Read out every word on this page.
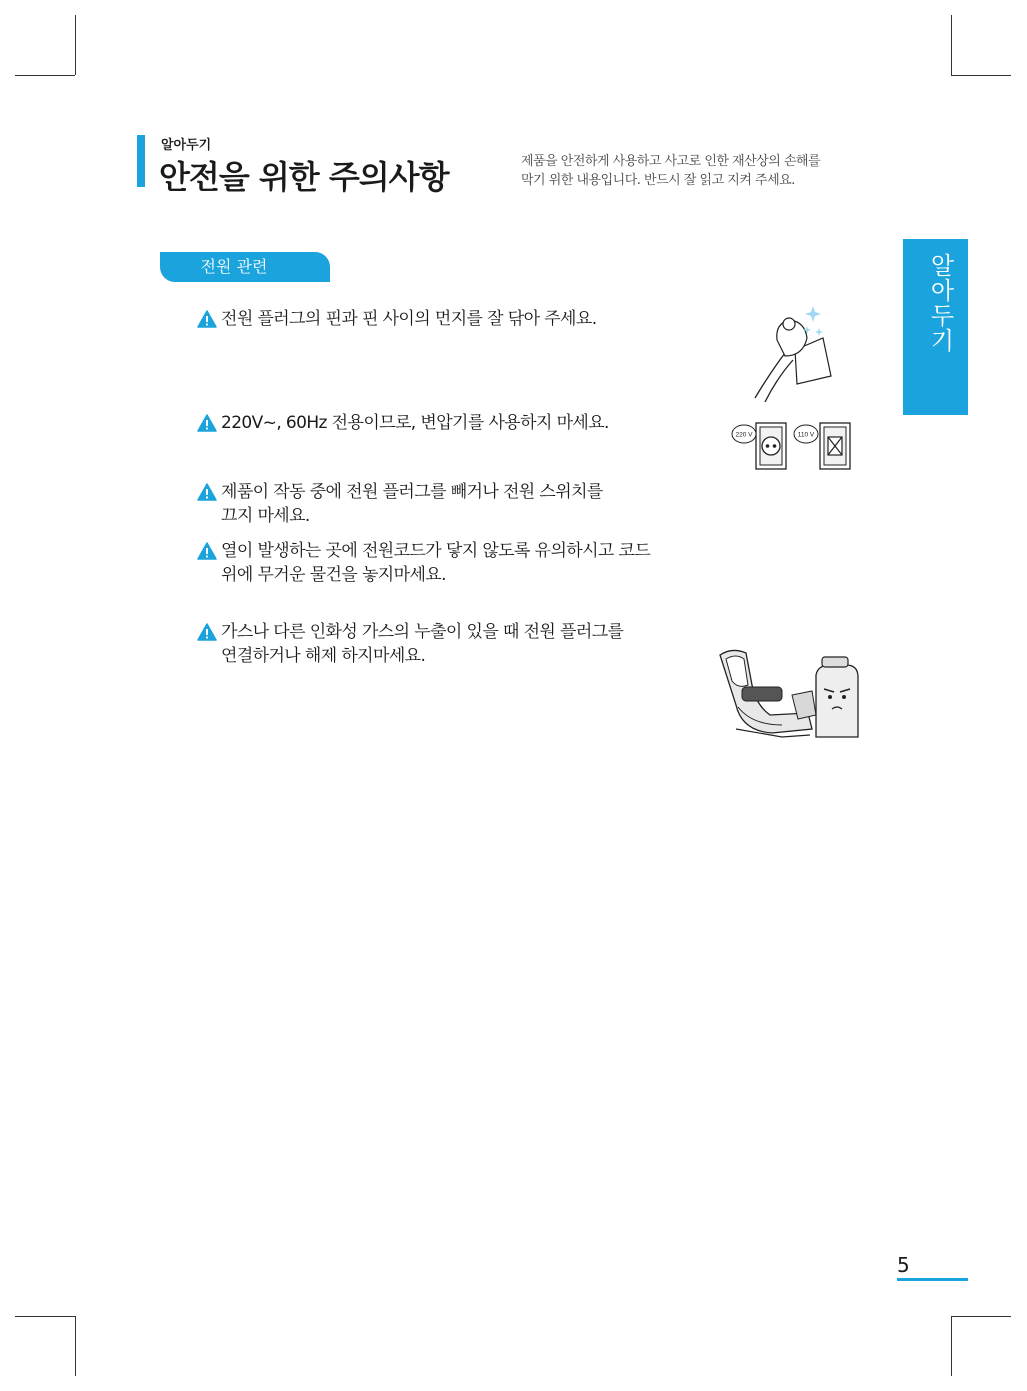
알아두기
안전을 위한 주의사항	제품을 안전하게 사용하고 사고로 인한 재산상의 손해를
막기 위한 내용입니다. 반드시 잘 읽고 지켜 주세요.
알아두기
전원 관련
전원 플러그의 핀과 핀 사이의 먼지를 잘 닦아 주세요.
220V~, 60Hz 전용이므로, 변압기를 사용하지 마세요.
제품이 작동 중에 전원 플러그를 빼거나 전원 스위치를
끄지 마세요.
열이 발생하는 곳에 전원코드가 닿지 않도록 유의하시고 코드
위에 무거운 물건을 놓지마세요.
가스나 다른 인화성 가스의 누출이 있을 때 전원 플러그를
연결하거나 해제 하지마세요.
220 V	110 V
5
